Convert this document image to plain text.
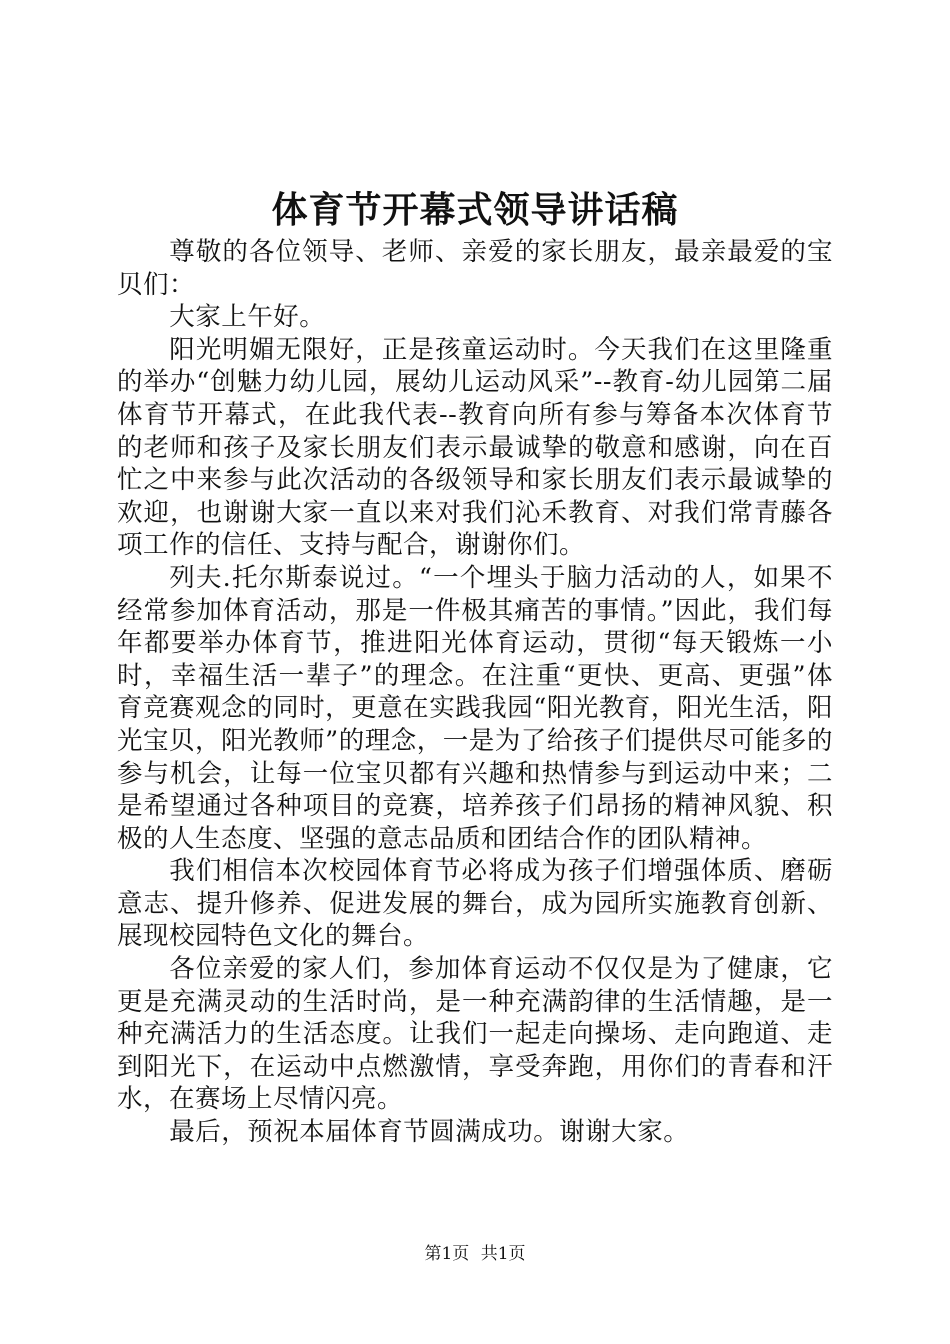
体育节开幕式领导讲话稿

尊敬的各位领导、老师、亲爱的家长朋友，最亲最爱的宝贝们：

大家上午好。

阳光明媚无限好，正是孩童运动时。今天我们在这里隆重的举办“创魅力幼儿园，展幼儿运动风采”--教育-幼儿园第二届体育节开幕式，在此我代表--教育向所有参与筹备本次体育节的老师和孩子及家长朋友们表示最诚挚的敬意和感谢，向在百忙之中来参与此次活动的各级领导和家长朋友们表示最诚挚的欢迎，也谢谢大家一直以来对我们沁禾教育、对我们常青藤各项工作的信任、支持与配合，谢谢你们。

列夫.托尔斯泰说过。“一个埋头于脑力活动的人，如果不经常参加体育活动，那是一件极其痛苦的事情。”因此，我们每年都要举办体育节，推进阳光体育运动，贯彻“每天锻炼一小时，幸福生活一辈子”的理念。在注重“更快、更高、更强”体育竞赛观念的同时，更意在实践我园“阳光教育，阳光生活，阳光宝贝，阳光教师”的理念，一是为了给孩子们提供尽可能多的参与机会，让每一位宝贝都有兴趣和热情参与到运动中来；二是希望通过各种项目的竞赛，培养孩子们昂扬的精神风貌、积极的人生态度、坚强的意志品质和团结合作的团队精神。

我们相信本次校园体育节必将成为孩子们增强体质、磨砺意志、提升修养、促进发展的舞台，成为园所实施教育创新、展现校园特色文化的舞台。

各位亲爱的家人们，参加体育运动不仅仅是为了健康，它更是充满灵动的生活时尚，是一种充满韵律的生活情趣，是一种充满活力的生活态度。让我们一起走向操场、走向跑道、走到阳光下，在运动中点燃激情，享受奔跑，用你们的青春和汗水，在赛场上尽情闪亮。

最后，预祝本届体育节圆满成功。谢谢大家。

第1页 共1页
